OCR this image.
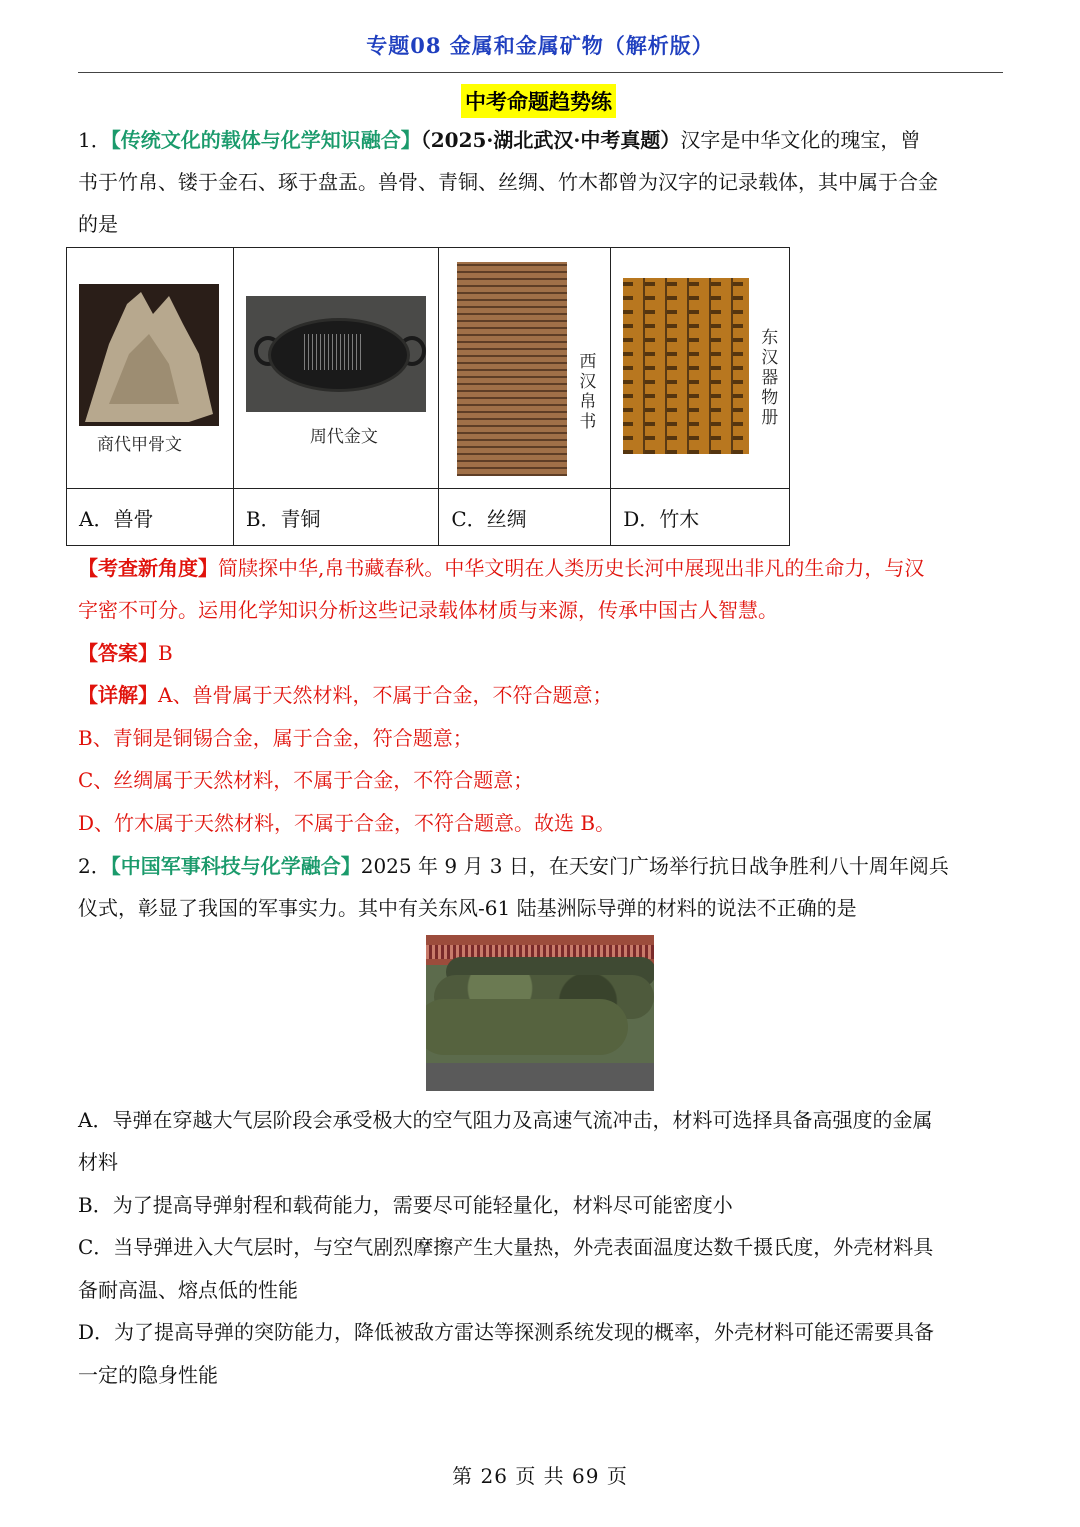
专题08 金属和金属矿物（解析版）
中考命题趋势练
1．【传统文化的载体与化学知识融合】（2025·湖北武汉·中考真题）汉字是中华文化的瑰宝，曾
书于竹帛、镂于金石、琢于盘盂。兽骨、青铜、丝绸、竹木都曾为汉字的记录载体，其中属于合金
的是
商代甲骨文	周代金文	西汉帛书	东汉器物册

A．兽骨	B．青铜	C．丝绸	D．竹木
【考查新角度】简牍探中华,帛书藏春秋。中华文明在人类历史长河中展现出非凡的生命力，与汉
字密不可分。运用化学知识分析这些记录载体材质与来源，传承中国古人智慧。
【答案】B
【详解】A、兽骨属于天然材料，不属于合金，不符合题意；
B、青铜是铜锡合金，属于合金，符合题意；
C、丝绸属于天然材料，不属于合金，不符合题意；
D、竹木属于天然材料，不属于合金，不符合题意。故选 B。
2．【中国军事科技与化学融合】2025 年 9 月 3 日，在天安门广场举行抗日战争胜利八十周年阅兵
仪式，彰显了我国的军事实力。其中有关东风-61 陆基洲际导弹的材料的说法不正确的是
A．导弹在穿越大气层阶段会承受极大的空气阻力及高速气流冲击，材料可选择具备高强度的金属
材料
B．为了提高导弹射程和载荷能力，需要尽可能轻量化，材料尽可能密度小
C．当导弹进入大气层时，与空气剧烈摩擦产生大量热，外壳表面温度达数千摄氏度，外壳材料具
备耐高温、熔点低的性能
D．为了提高导弹的突防能力，降低被敌方雷达等探测系统发现的概率，外壳材料可能还需要具备
一定的隐身性能
第 26 页 共 69 页
